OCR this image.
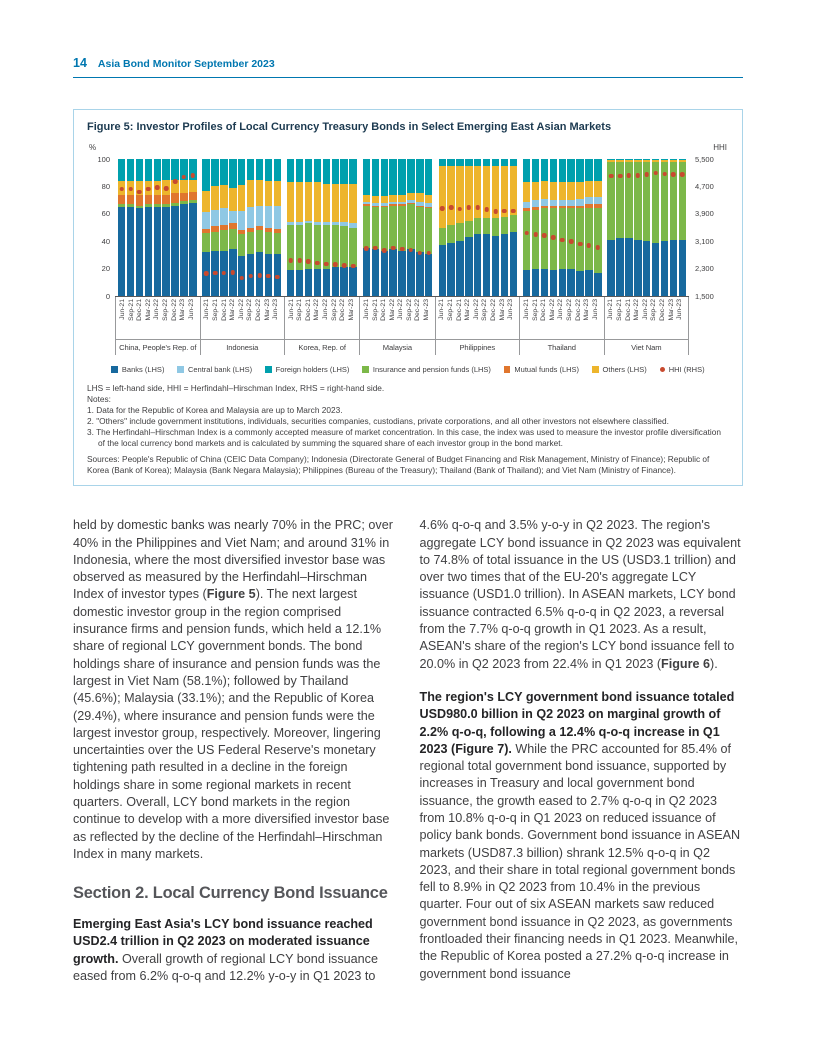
14 Asia Bond Monitor September 2023
Figure 5: Investor Profiles of Local Currency Treasury Bonds in Select Emerging East Asian Markets
%	HHI
0
20
40
60
80
100
1,500
2,300
3,100
3,900
4,700
5,500
Jun-21 Sep-21 Dec-21 Mar-22 Jun-22 Sep-22 Dec-22 Mar-23 Jun-23
China, People's Rep. of
Jun-21 Sep-21 Dec-21 Mar-22 Jun-22 Sep-22 Dec-22 Mar-23 Jun-23
Indonesia
Jun-21 Sep-21 Dec-21 Mar-22 Jun-22 Sep-22 Dec-22 Mar-23
Korea, Rep. of
Jun-21 Sep-21 Dec-21 Mar-22 Jun-22 Sep-22 Dec-22 Mar-23
Malaysia
Jun-21 Sep-21 Dec-21 Mar-22 Jun-22 Sep-22 Dec-22 Mar-23 Jun-23
Philippines
Jun-21 Sep-21 Dec-21 Mar-22 Jun-22 Sep-22 Dec-22 Mar-23 Jun-23
Thailand
Jun-21 Sep-21 Dec-21 Mar-22 Jun-22 Sep-22 Dec-22 Mar-23 Jun-23
Viet Nam
Banks (LHS)	Central bank (LHS)	Foreign holders (LHS)	Insurance and pension funds (LHS)	Mutual funds (LHS)	Others (LHS)	HHI (RHS)
LHS = left-hand side, HHI = Herfindahl–Hirschman Index, RHS = right-hand side.
Notes:
1. Data for the Republic of Korea and Malaysia are up to March 2023.
2. "Others" include government institutions, individuals, securities companies, custodians, private corporations, and all other investors not elsewhere classified.
3. The Herfindahl–Hirschman Index is a commonly accepted measure of market concentration. In this case, the index was used to measure the investor profile diversification of the local currency bond markets and is calculated by summing the squared share of each investor group in the bond market.
Sources: People's Republic of China (CEIC Data Company); Indonesia (Directorate General of Budget Financing and Risk Management, Ministry of Finance); Republic of Korea (Bank of Korea); Malaysia (Bank Negara Malaysia); Philippines (Bureau of the Treasury); Thailand (Bank of Thailand); and Viet Nam (Ministry of Finance).

held by domestic banks was nearly 70% in the PRC; over 40% in the Philippines and Viet Nam; and around 31% in Indonesia, where the most diversified investor base was observed as measured by the Herfindahl–Hirschman Index of investor types (Figure 5). The next largest domestic investor group in the region comprised insurance firms and pension funds, which held a 12.1% share of regional LCY government bonds. The bond holdings share of insurance and pension funds was the largest in Viet Nam (58.1%); followed by Thailand (45.6%); Malaysia (33.1%); and the Republic of Korea (29.4%), where insurance and pension funds were the largest investor group, respectively. Moreover, lingering uncertainties over the US Federal Reserve's monetary tightening path resulted in a decline in the foreign holdings share in some regional markets in recent quarters. Overall, LCY bond markets in the region continue to develop with a more diversified investor base as reflected by the decline of the Herfindahl–Hirschman Index in many markets.

Section 2. Local Currency Bond Issuance

Emerging East Asia's LCY bond issuance reached USD2.4 trillion in Q2 2023 on moderated issuance growth. Overall growth of regional LCY bond issuance eased from 6.2% q-o-q and 12.2% y-o-y in Q1 2023 to

4.6% q-o-q and 3.5% y-o-y in Q2 2023. The region's aggregate LCY bond issuance in Q2 2023 was equivalent to 74.8% of total issuance in the US (USD3.1 trillion) and over two times that of the EU-20's aggregate LCY issuance (USD1.0 trillion). In ASEAN markets, LCY bond issuance contracted 6.5% q-o-q in Q2 2023, a reversal from the 7.7% q-o-q growth in Q1 2023. As a result, ASEAN's share of the region's LCY bond issuance fell to 20.0% in Q2 2023 from 22.4% in Q1 2023 (Figure 6).

The region's LCY government bond issuance totaled USD980.0 billion in Q2 2023 on marginal growth of 2.2% q-o-q, following a 12.4% q-o-q increase in Q1 2023 (Figure 7). While the PRC accounted for 85.4% of regional total government bond issuance, supported by increases in Treasury and local government bond issuance, the growth eased to 2.7% q-o-q in Q2 2023 from 10.8% q-o-q in Q1 2023 on reduced issuance of policy bank bonds. Government bond issuance in ASEAN markets (USD87.3 billion) shrank 12.5% q-o-q in Q2 2023, and their share in total regional government bonds fell to 8.9% in Q2 2023 from 10.4% in the previous quarter. Four out of six ASEAN markets saw reduced government bond issuance in Q2 2023, as governments frontloaded their financing needs in Q1 2023. Meanwhile, the Republic of Korea posted a 27.2% q-o-q increase in government bond issuance
